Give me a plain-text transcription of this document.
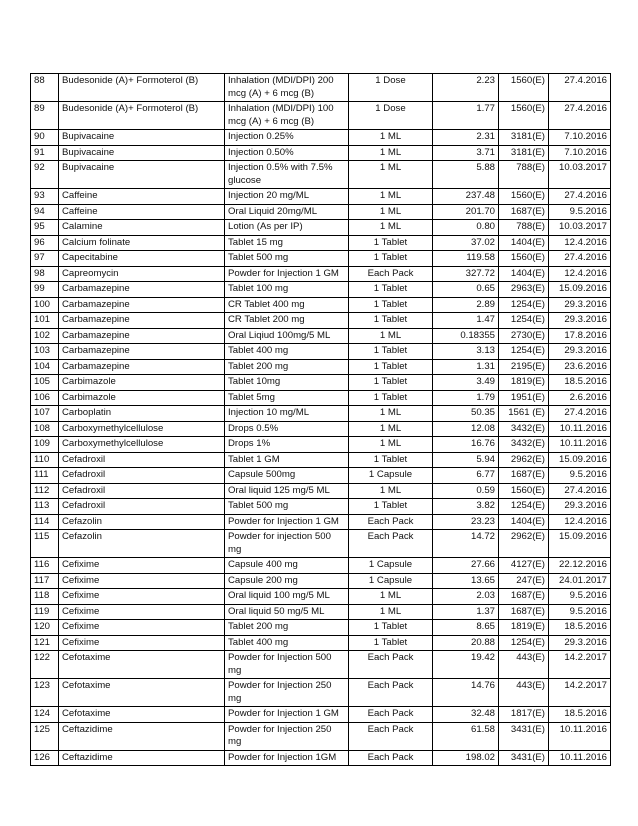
88	Budesonide (A)+ Formoterol (B)	Inhalation (MDI/DPI) 200 mcg (A) + 6 mcg (B)	1 Dose	2.23	1560(E)	27.4.2016
89	Budesonide (A)+ Formoterol (B)	Inhalation (MDI/DPI) 100 mcg (A) + 6 mcg (B)	1 Dose	1.77	1560(E)	27.4.2016
90	Bupivacaine	Injection 0.25%	1 ML	2.31	3181(E)	7.10.2016
91	Bupivacaine	Injection 0.50%	1 ML	3.71	3181(E)	7.10.2016
92	Bupivacaine	Injection 0.5% with 7.5% glucose	1 ML	5.88	788(E)	10.03.2017
93	Caffeine	Injection 20 mg/ML	1 ML	237.48	1560(E)	27.4.2016
94	Caffeine	Oral Liquid 20mg/ML	1 ML	201.70	1687(E)	9.5.2016
95	Calamine	Lotion (As per IP)	1 ML	0.80	788(E)	10.03.2017
96	Calcium folinate	Tablet 15 mg	1 Tablet	37.02	1404(E)	12.4.2016
97	Capecitabine	Tablet 500 mg	1 Tablet	119.58	1560(E)	27.4.2016
98	Capreomycin	Powder for Injection 1 GM	Each Pack	327.72	1404(E)	12.4.2016
99	Carbamazepine	Tablet 100 mg	1 Tablet	0.65	2963(E)	15.09.2016
100	Carbamazepine	CR Tablet 400 mg	1 Tablet	2.89	1254(E)	29.3.2016
101	Carbamazepine	CR Tablet 200 mg	1 Tablet	1.47	1254(E)	29.3.2016
102	Carbamazepine	Oral Liqiud 100mg/5 ML	1 ML	0.18355	2730(E)	17.8.2016
103	Carbamazepine	Tablet 400 mg	1 Tablet	3.13	1254(E)	29.3.2016
104	Carbamazepine	Tablet 200 mg	1 Tablet	1.31	2195(E)	23.6.2016
105	Carbimazole	Tablet 10mg	1 Tablet	3.49	1819(E)	18.5.2016
106	Carbimazole	Tablet 5mg	1 Tablet	1.79	1951(E)	2.6.2016
107	Carboplatin	Injection 10 mg/ML	1 ML	50.35	1561 (E)	27.4.2016
108	Carboxymethylcellulose	Drops 0.5%	1 ML	12.08	3432(E)	10.11.2016
109	Carboxymethylcellulose	Drops 1%	1 ML	16.76	3432(E)	10.11.2016
110	Cefadroxil	Tablet 1 GM	1 Tablet	5.94	2962(E)	15.09.2016
111	Cefadroxil	Capsule 500mg	1 Capsule	6.77	1687(E)	9.5.2016
112	Cefadroxil	Oral liquid 125 mg/5 ML	1 ML	0.59	1560(E)	27.4.2016
113	Cefadroxil	Tablet 500 mg	1 Tablet	3.82	1254(E)	29.3.2016
114	Cefazolin	Powder for Injection 1 GM	Each Pack	23.23	1404(E)	12.4.2016
115	Cefazolin	Powder for injection 500 mg	Each Pack	14.72	2962(E)	15.09.2016
116	Cefixime	Capsule 400 mg	1 Capsule	27.66	4127(E)	22.12.2016
117	Cefixime	Capsule 200 mg	1 Capsule	13.65	247(E)	24.01.2017
118	Cefixime	Oral liquid 100 mg/5 ML	1 ML	2.03	1687(E)	9.5.2016
119	Cefixime	Oral liquid 50 mg/5 ML	1 ML	1.37	1687(E)	9.5.2016
120	Cefixime	Tablet 200 mg	1 Tablet	8.65	1819(E)	18.5.2016
121	Cefixime	Tablet 400 mg	1 Tablet	20.88	1254(E)	29.3.2016
122	Cefotaxime	Powder for Injection 500 mg	Each Pack	19.42	443(E)	14.2.2017
123	Cefotaxime	Powder for Injection 250 mg	Each Pack	14.76	443(E)	14.2.2017
124	Cefotaxime	Powder for Injection 1 GM	Each Pack	32.48	1817(E)	18.5.2016
125	Ceftazidime	Powder for Injection 250 mg	Each Pack	61.58	3431(E)	10.11.2016
126	Ceftazidime	Powder for Injection 1GM	Each Pack	198.02	3431(E)	10.11.2016
